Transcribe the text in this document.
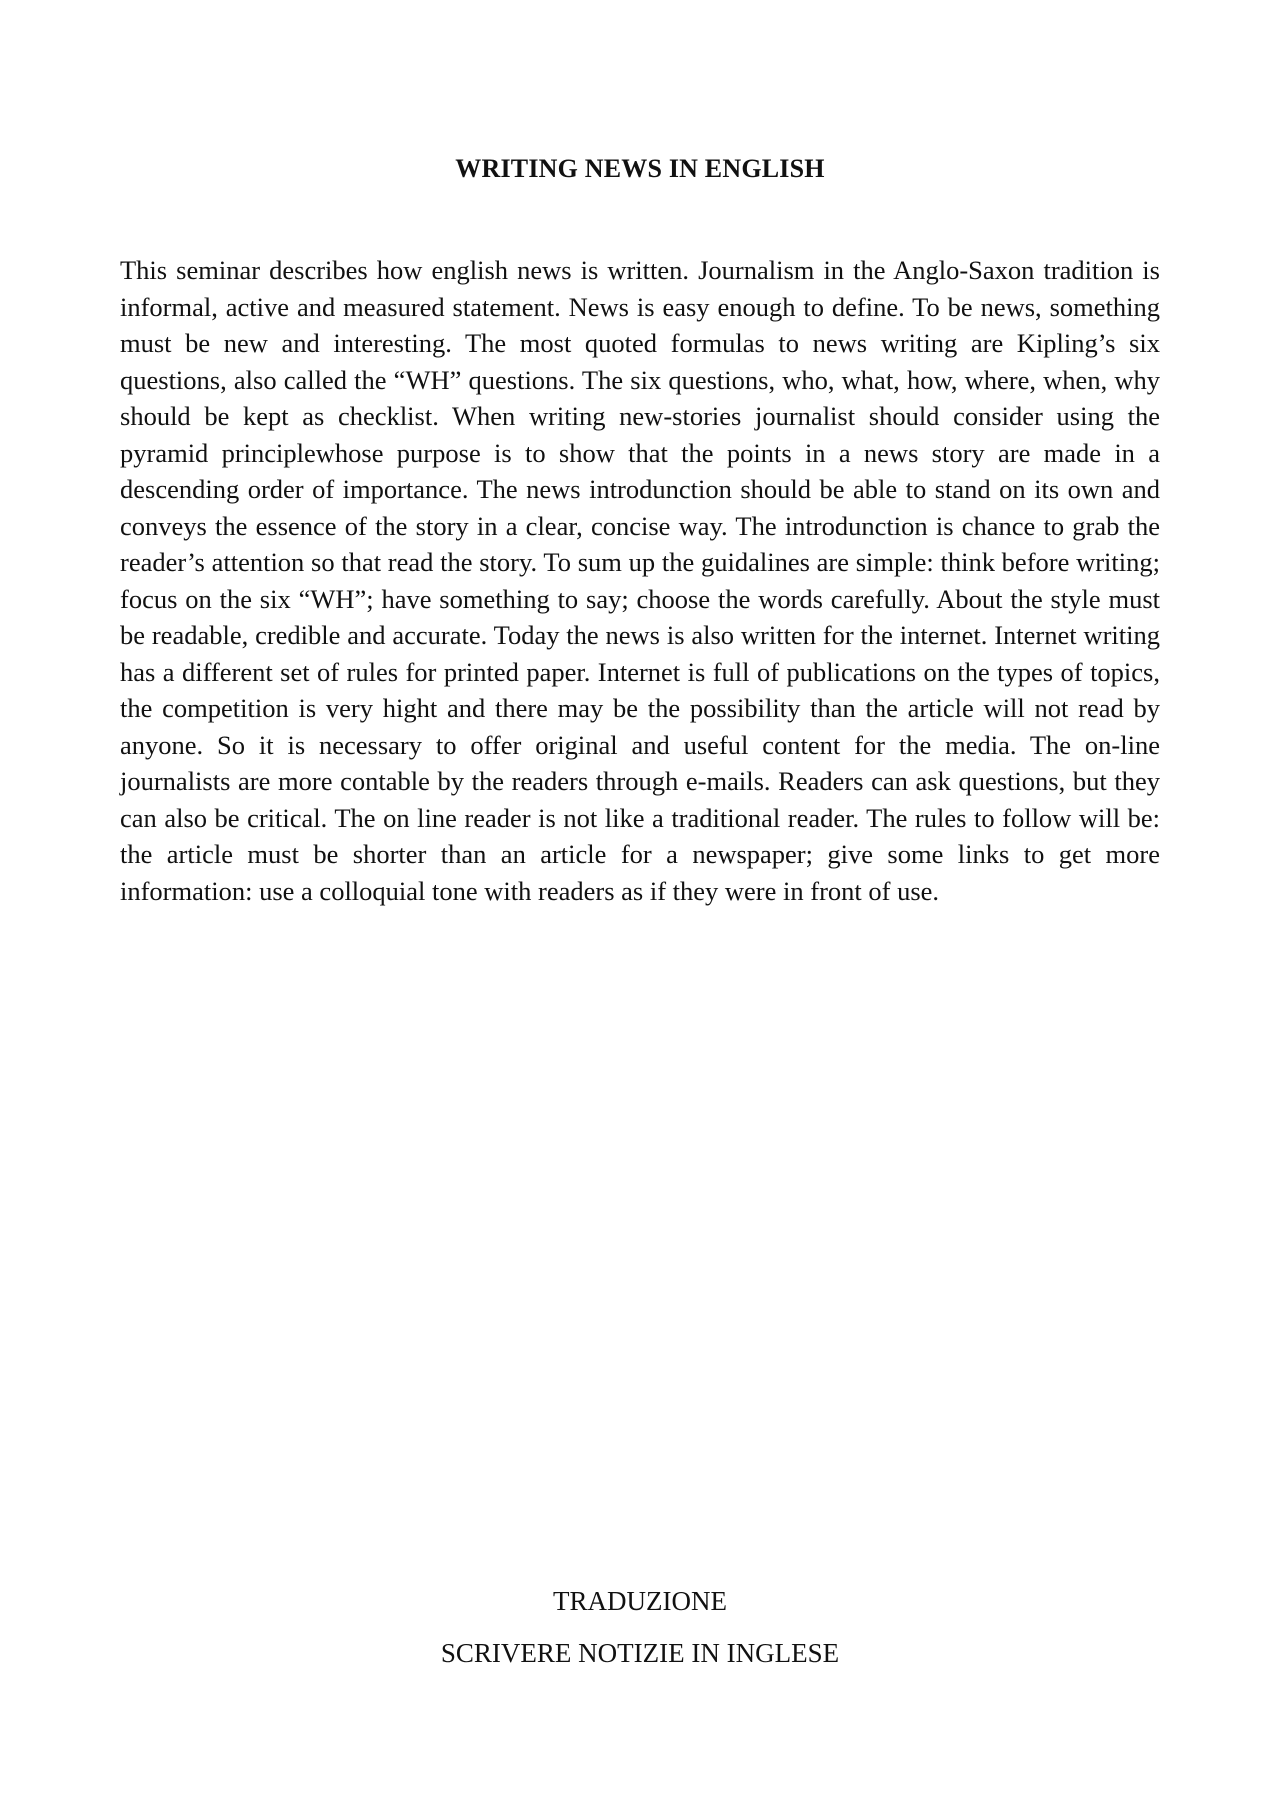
WRITING NEWS IN ENGLISH

This seminar describes how english news is written. Journalism in the Anglo-Saxon tradition is informal, active and measured statement. News is easy enough to define. To be news, something must be new and interesting. The most quoted formulas to news writing are Kipling’s six questions, also called the “WH” questions. The six questions, who, what, how, where, when, why should be kept as checklist. When writing new-stories journalist should consider using the pyramid principlewhose purpose is to show that the points in a news story are made in a descending order of importance. The news introdunction should be able to stand on its own and conveys the essence of the story in a clear, concise way. The introdunction is chance to grab the reader’s attention so that read the story. To sum up the guidalines are simple: think before writing; focus on the six “WH”; have something to say; choose the words carefully. About the style must be readable, credible and accurate. Today the news is also written for the internet. Internet writing has a different set of rules for printed paper. Internet is full of publications on the types of topics, the competition is very hight and there may be the possibility than the article will not read by anyone. So it is necessary to offer original and useful content for the media. The on-line journalists are more contable by the readers through e-mails. Readers can ask questions, but they can also be critical. The on line reader is not like a traditional reader. The rules to follow will be: the article must be shorter than an article for a newspaper; give some links to get more information: use a colloquial tone with readers as if they were in front of use.

TRADUZIONE
SCRIVERE NOTIZIE IN INGLESE
